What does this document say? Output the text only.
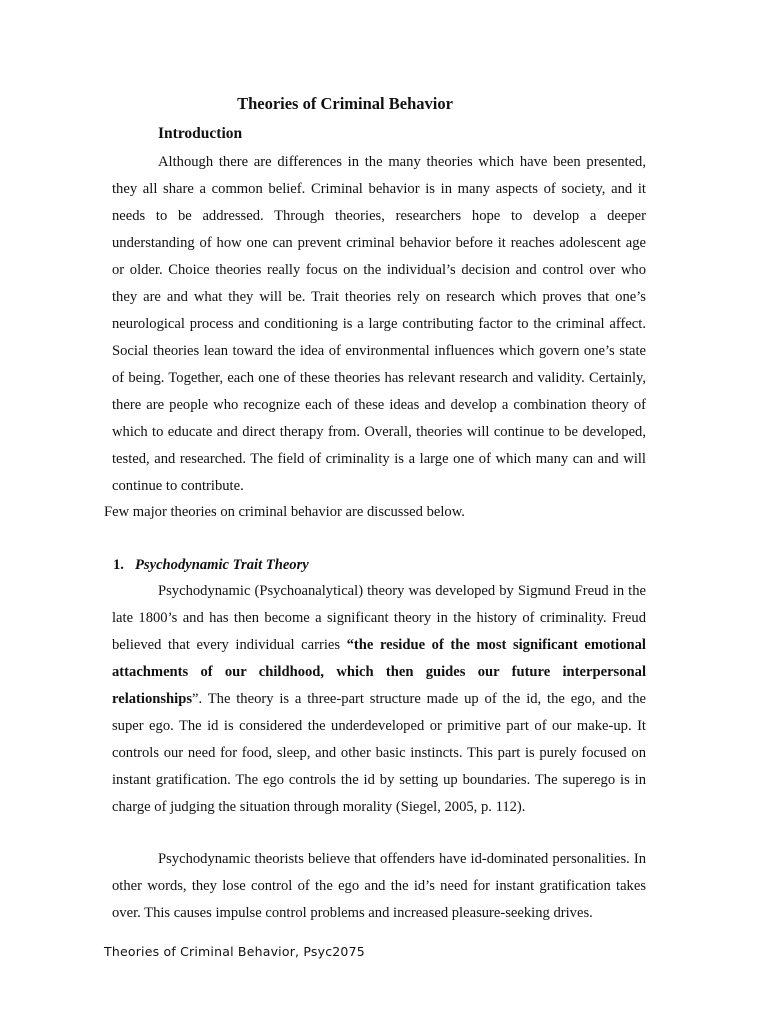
Theories of Criminal Behavior
Introduction

Although there are differences in the many theories which have been presented, they all share a common belief. Criminal behavior is in many aspects of society, and it needs to be addressed. Through theories, researchers hope to develop a deeper understanding of how one can prevent criminal behavior before it reaches adolescent age or older. Choice theories really focus on the individual’s decision and control over who they are and what they will be. Trait theories rely on research which proves that one’s neurological process and conditioning is a large contributing factor to the criminal affect. Social theories lean toward the idea of environmental influences which govern one’s state of being. Together, each one of these theories has relevant research and validity. Certainly, there are people who recognize each of these ideas and develop a combination theory of which to educate and direct therapy from. Overall, theories will continue to be developed, tested, and researched. The field of criminality is a large one of which many can and will continue to contribute.

Few major theories on criminal behavior are discussed below.

1. Psychodynamic Trait Theory

Psychodynamic (Psychoanalytical) theory was developed by Sigmund Freud in the late 1800’s and has then become a significant theory in the history of criminality. Freud believed that every individual carries “the residue of the most significant emotional attachments of our childhood, which then guides our future interpersonal relationships”. The theory is a three-part structure made up of the id, the ego, and the super ego. The id is considered the underdeveloped or primitive part of our make-up. It controls our need for food, sleep, and other basic instincts. This part is purely focused on instant gratification. The ego controls the id by setting up boundaries. The superego is in charge of judging the situation through morality (Siegel, 2005, p. 112).

Psychodynamic theorists believe that offenders have id-dominated personalities. In other words, they lose control of the ego and the id’s need for instant gratification takes over. This causes impulse control problems and increased pleasure-seeking drives.

Theories of Criminal Behavior, Psyc2075
